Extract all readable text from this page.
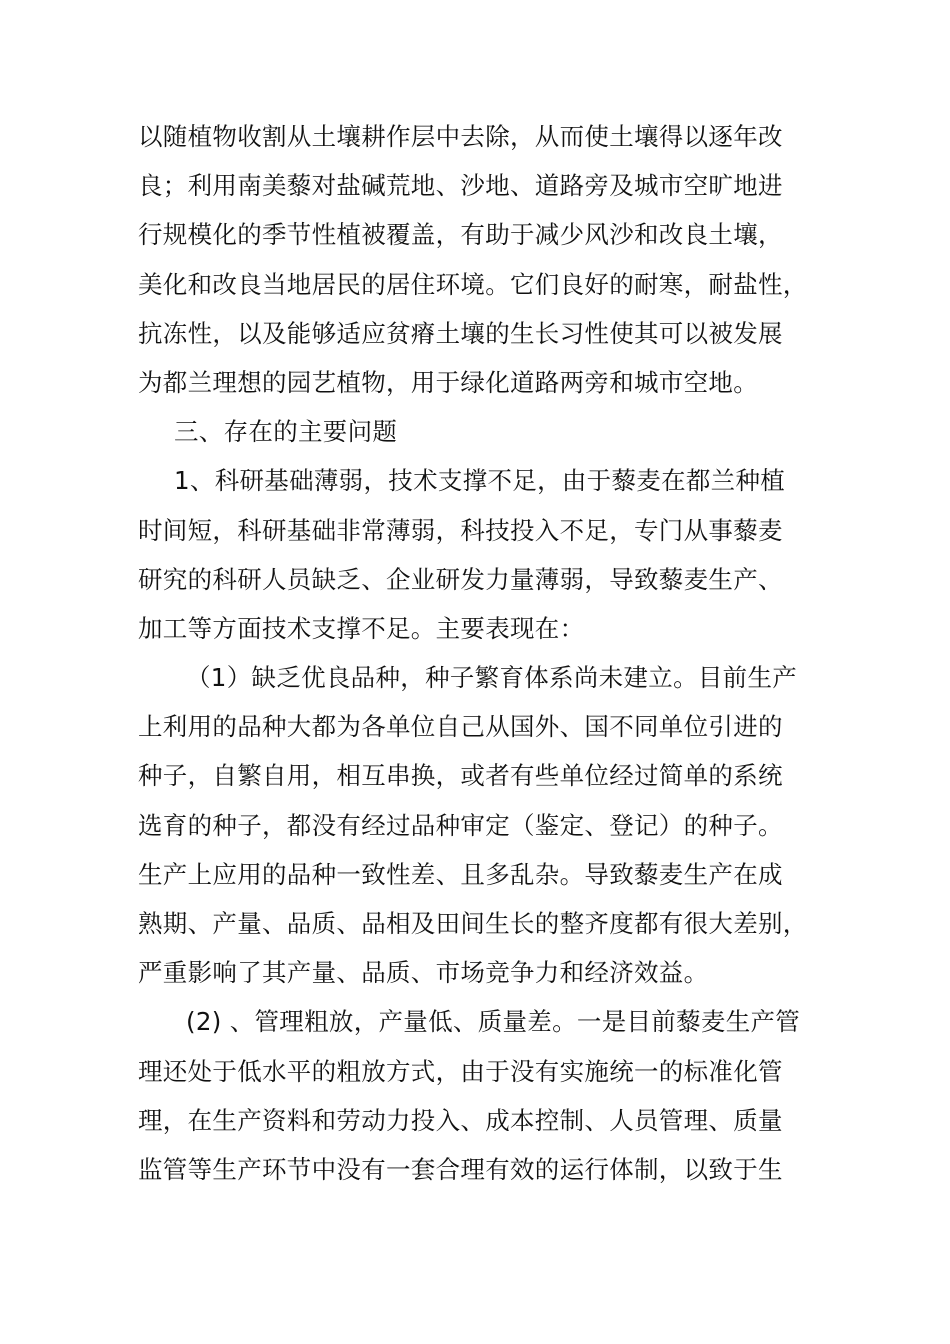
以随植物收割从土壤耕作层中去除，从而使土壤得以逐年改
良；利用南美藜对盐碱荒地、沙地、道路旁及城市空旷地进
行规模化的季节性植被覆盖，有助于减少风沙和改良土壤，
美化和改良当地居民的居住环境。它们良好的耐寒，耐盐性，
抗冻性，以及能够适应贫瘠土壤的生长习性使其可以被发展
为都兰理想的园艺植物，用于绿化道路两旁和城市空地。
三、存在的主要问题
1、科研基础薄弱，技术支撑不足，由于藜麦在都兰种植
时间短，科研基础非常薄弱，科技投入不足，专门从事藜麦
研究的科研人员缺乏、企业研发力量薄弱，导致藜麦生产、
加工等方面技术支撑不足。主要表现在：
（1）缺乏优良品种，种子繁育体系尚未建立。目前生产
上利用的品种大都为各单位自己从国外、国不同单位引进的
种子，自繁自用，相互串换，或者有些单位经过简单的系统
选育的种子，都没有经过品种审定（鉴定、登记）的种子。
生产上应用的品种一致性差、且多乱杂。导致藜麦生产在成
熟期、产量、品质、品相及田间生长的整齐度都有很大差别，
严重影响了其产量、品质、市场竞争力和经济效益。
(2) 、管理粗放，产量低、质量差。一是目前藜麦生产管
理还处于低水平的粗放方式，由于没有实施统一的标准化管
理，在生产资料和劳动力投入、成本控制、人员管理、质量
监管等生产环节中没有一套合理有效的运行体制，以致于生
